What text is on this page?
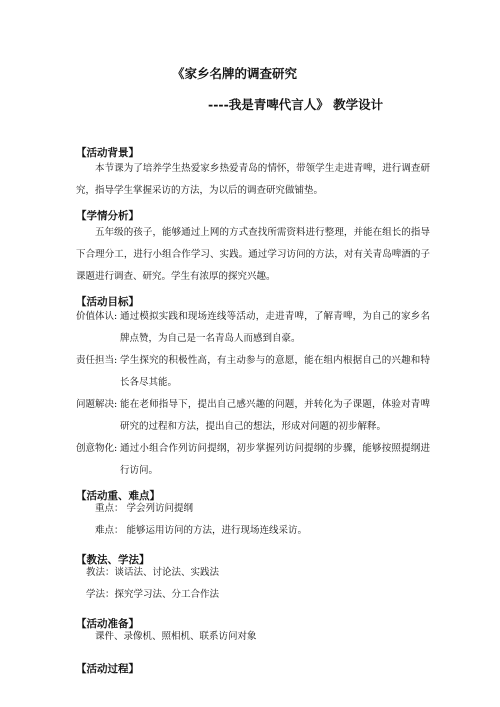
《家乡名牌的调查研究
----我是青啤代言人》 教学设计
【活动背景】

本节课为了培养学生热爱家乡热爱青岛的情怀，带领学生走进青啤，进行调查研究，指导学生掌握采访的方法，为以后的调查研究做铺垫。

【学情分析】

五年级的孩子，能够通过上网的方式查找所需资料进行整理，并能在组长的指导下合理分工，进行小组合作学习、实践。通过学习访问的方法，对有关青岛啤酒的子课题进行调查、研究。学生有浓厚的探究兴趣。

【活动目标】
价值体认: 通过模拟实践和现场连线等活动，走进青啤，了解青啤，为自己的家乡名牌点赞，为自己是一名青岛人而感到自豪。

责任担当: 学生探究的积极性高，有主动参与的意愿，能在组内根据自己的兴趣和特长各尽其能。

问题解决: 能在老师指导下，提出自己感兴趣的问题，并转化为子课题，体验对青啤研究的过程和方法，提出自己的想法，形成对问题的初步解释。

创意物化: 通过小组合作列访问提纲，初步掌握列访问提纲的步骤，能够按照提纲进行访问。

【活动重、难点】
重点： 学会列访问提纲
难点： 能够运用访问的方法，进行现场连线采访。
【教法、学法】
教法：谈话法、讨论法、实践法
学法：探究学习法、分工合作法
【活动准备】
课件、录像机、照相机、联系访问对象
【活动过程】
